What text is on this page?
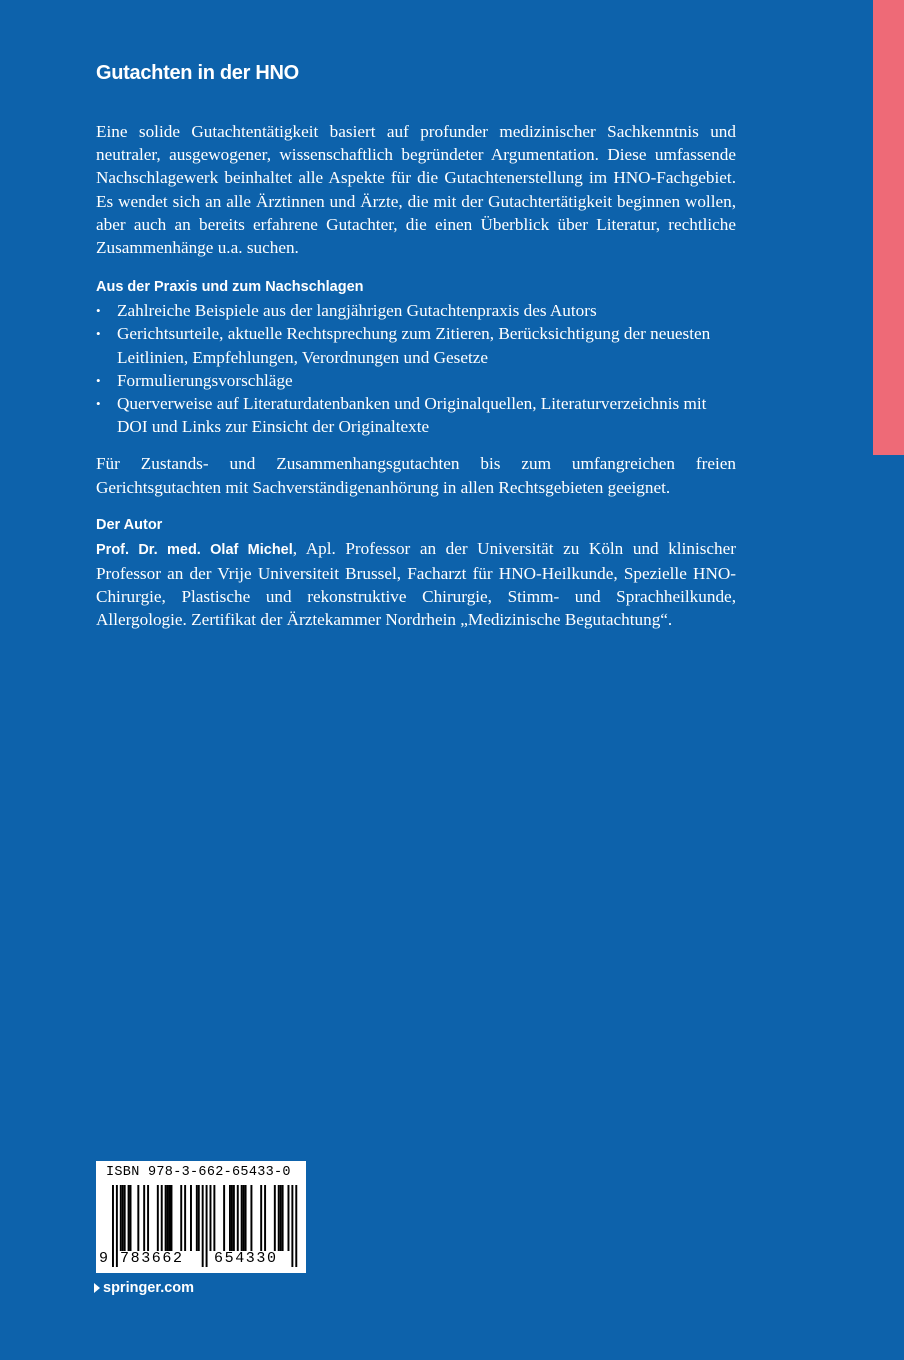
Gutachten in der HNO

Eine solide Gutachtentätigkeit basiert auf profunder medizinischer Sachkenntnis und neutraler, ausgewogener, wissenschaftlich begründeter Argumentation. Diese umfassende Nachschlagewerk beinhaltet alle Aspekte für die Gutachtenerstellung im HNO-Fachgebiet. Es wendet sich an alle Ärztinnen und Ärzte, die mit der Gutachtertätigkeit beginnen wollen, aber auch an bereits erfahrene Gutachter, die einen Überblick über Literatur, rechtliche Zusammenhänge u.a. suchen.

Aus der Praxis und zum Nachschlagen
• Zahlreiche Beispiele aus der langjährigen Gutachtenpraxis des Autors
• Gerichtsurteile, aktuelle Rechtsprechung zum Zitieren, Berücksichtigung der neuesten Leitlinien, Empfehlungen, Verordnungen und Gesetze
• Formulierungsvorschläge
• Querverweise auf Literaturdatenbanken und Originalquellen, Literaturverzeichnis mit DOI und Links zur Einsicht der Originaltexte

Für Zustands- und Zusammenhangsgutachten bis zum umfangreichen freien Gerichtsgutachten mit Sachverständigenanhörung in allen Rechtsgebieten geeignet.

Der Autor

Prof. Dr. med. Olaf Michel, Apl. Professor an der Universität zu Köln und klinischer Professor an der Vrije Universiteit Brussel, Facharzt für HNO-Heilkunde, Spezielle HNO-Chirurgie, Plastische und rekonstruktive Chirurgie, Stimm- und Sprachheilkunde, Allergologie. Zertifikat der Ärztekammer Nordrhein „Medizinische Begutachtung“.

ISBN 978-3-662-65433-0
9 783662 654330
springer.com
